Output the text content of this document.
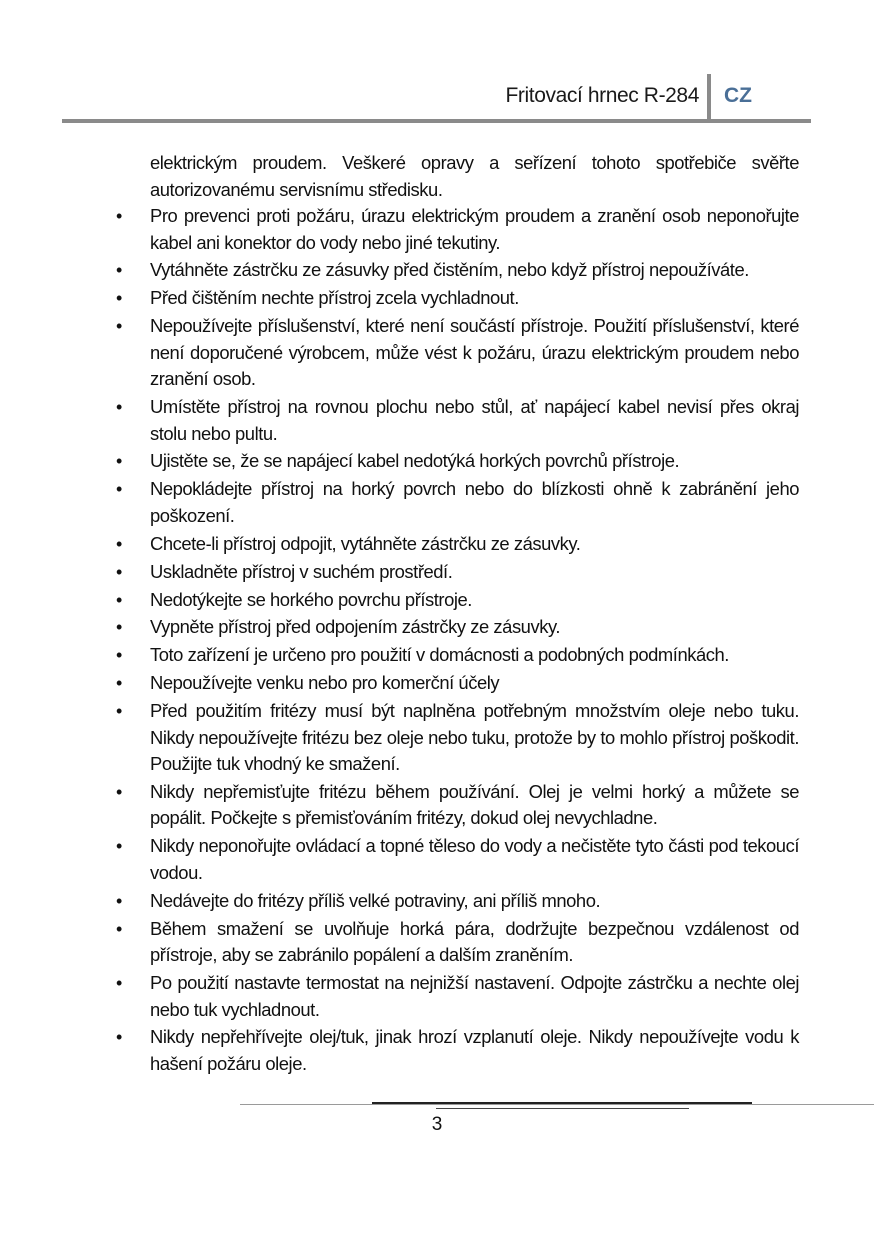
Fritovací hrnec R-284 CZ

elektrickým proudem. Veškeré opravy a seřízení tohoto spotřebiče svěřte autorizovanému servisnímu středisku.

• Pro prevenci proti požáru, úrazu elektrickým proudem a zranění osob neponořujte kabel ani konektor do vody nebo jiné tekutiny.
• Vytáhněte zástrčku ze zásuvky před čistěním, nebo když přístroj nepoužíváte.
• Před čištěním nechte přístroj zcela vychladnout.
• Nepoužívejte příslušenství, které není součástí přístroje. Použití příslušenství, které není doporučené výrobcem, může vést k požáru, úrazu elektrickým proudem nebo zranění osob.
• Umístěte přístroj na rovnou plochu nebo stůl, ať napájecí kabel nevisí přes okraj stolu nebo pultu.
• Ujistěte se, že se napájecí kabel nedotýká horkých povrchů přístroje.
• Nepokládejte přístroj na horký povrch nebo do blízkosti ohně k zabránění jeho poškození.
• Chcete-li přístroj odpojit, vytáhněte zástrčku ze zásuvky.
• Uskladněte přístroj v suchém prostředí.
• Nedotýkejte se horkého povrchu přístroje.
• Vypněte přístroj před odpojením zástrčky ze zásuvky.
• Toto zařízení je určeno pro použití v domácnosti a podobných podmínkách.
• Nepoužívejte venku nebo pro komerční účely
• Před použitím fritézy musí být naplněna potřebným množstvím oleje nebo tuku. Nikdy nepoužívejte fritézu bez oleje nebo tuku, protože by to mohlo přístroj poškodit. Použijte tuk vhodný ke smažení.
• Nikdy nepřemisťujte fritézu během používání. Olej je velmi horký a můžete se popálit. Počkejte s přemisťováním fritézy, dokud olej nevychladne.
• Nikdy neponořujte ovládací a topné těleso do vody a nečistěte tyto části pod tekoucí vodou.
• Nedávejte do fritézy příliš velké potraviny, ani příliš mnoho.
• Během smažení se uvolňuje horká pára, dodržujte bezpečnou vzdálenost od přístroje, aby se zabránilo popálení a dalším zraněním.
• Po použití nastavte termostat na nejnižší nastavení. Odpojte zástrčku a nechte olej nebo tuk vychladnout.
• Nikdy nepřehřívejte olej/tuk, jinak hrozí vzplanutí oleje. Nikdy nepoužívejte vodu k hašení požáru oleje.
3
